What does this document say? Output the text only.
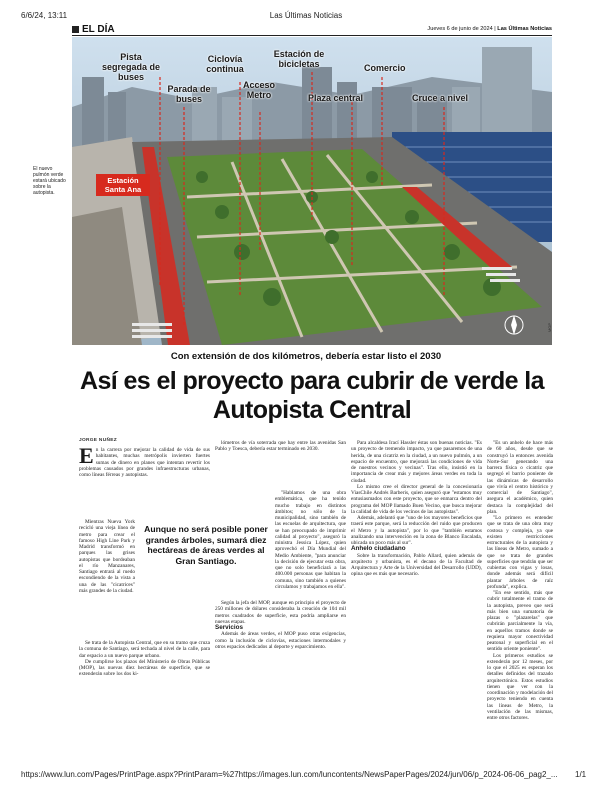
6/6/24, 13:11	Las Últimas Noticias
EL DÍA	Jueves 6 de junio de 2024 | Las Últimas Noticias
El nuevo pulmón verde estará ubicado sobre la autopista.
Pista segregada de buses
Ciclovía continua
Estación de bicicletas	Comercio
Parada de buses
Acceso Metro	Plaza central	Cruce a nivel
Estación Santa Ana
MOP
Con extensión de dos kilómetros, debería estar listo el 2030
Así es el proyecto para cubrir de verde la Autopista Central
JORGE NUÑEZ

En la carrera por mejorar la calidad de vida de sus habitantes, muchas metrópolis invierten fuertes sumas de dinero en planes que intentan revertir los problemas causados por grandes infraestructuras urbanas, como líneas férreas y autopistas.

Mientras Nueva York recicló una vieja línea de metro para crear el famoso High Line Park y Madrid transformó en parques las grises autopistas que bordeaban el río Manzanares, Santiago entrará al ruedo escondiendo de la vista a una de las "cicatrices" más grandes de la ciudad.

Se trata de la Autopista Central, que en su tramo que cruza la comuna de Santiago, será techada al nivel de la calle, para dar espacio a un nuevo parque urbano.

De cumplirse los plazos del Ministerio de Obras Públicas (MOP), las nuevas diez hectáreas de superficie, que se extenderán sobre los dos ki-

Aunque no será posible poner grandes árboles, sumará diez hectáreas de áreas verdes al Gran Santiago.

lómetros de vía soterrada que hay entre las avenidas San Pablo y Toesca, debería estar terminado en 2030.

"Hablamos de una obra emblemática, que ha tenido mucho trabajo en distintos ámbitos; no sólo de la municipalidad, sino también de las escuelas de arquitectura, que se han preocupado de imprimir calidad al proyecto", aseguró la ministra Jessica López, quien aprovechó el Día Mundial del Medio Ambiente, "para anunciar la decisión de ejecutar esta obra, que no solo beneficiará a las 400.000 personas que habitan la comuna, sino también a quienes circulamos y trabajamos en ella".

Según la jefa del MOP, aunque en principio el proyecto de 250 millones de dólares consideraba la creación de 104 mil metros cuadrados de superficie, esta podría ampliarse en nuevas etapas.

Servicios

Además de áreas verdes, el MOP puso otras exigencias, como la inclusión de ciclovías, estaciones intermodales y otros espacios dedicados al deporte y esparcimiento.

Para alcaldesa Irací Hassler éstas son buenas noticias. "Es un proyecto de tremendo impacto, ya que pasaremos de una herida, de una cicatriz en la ciudad, a un nuevo pulmón, a un espacio de encuentro, que mejorará las condiciones de vida de nuestros vecinos y vecinas". Tras ello, insistió en la importancia de crear más y mejores áreas verdes en toda la ciudad.

Lo mismo cree el director general de la concesionaria ViasChile Andrés Barberis, quien aseguró que "estamos muy entusiasmados con este proyecto, que se enmarca dentro del programa del MOP llamado Buen Vecino, que busca mejorar la calidad de vida de los vecinos de las autopistas".

Además, adelantó que "uno de los mayores beneficios que traerá este parque, será la reducción del ruido que producen el Metro y la autopista", por lo que "también estamos analizando una intervención en la zona de Blanco Encalada, ubicada un poco más al sur".

Anhelo ciudadano

Sobre la transformación, Pablo Allard, quien además de arquitecto y urbanista, es el decano de la Facultad de Arquitectura y Arte de la Universidad del Desarrollo (UDD), opina que es más que necesario.

"Es un anhelo de hace más de 60 años, desde que se construyó la entonces avenida Norte-Sur generando una barrera física o cicatriz que segregó el barrio poniente de las dinámicas de desarrollo que vivía el centro histórico y comercial de Santiago", asegura el académico, quien destaca la complejidad del plan.

"Lo primero es entender que se trata de una obra muy costosa y compleja, ya que existen restricciones estructurales de la autopista y las líneas de Metro, sumado a que se trata de grandes superficies que tendrán que ser cubiertas con vigas y losas, donde además será difícil plantar árboles de raíz profunda", explica.

"En ese sentido, más que cubrir totalmente el tramo de la autopista, preveo que será más bien una sumatoria de plazas o "plazarelas" que cubrirán parcialmente la vía, en aquellos tramos donde se requiera mayor conectividad peatonal y superficial en el sentido oriente poniente".

Los primeros estudios se extenderán por 12 meses, por lo que el 2025 es esperan los detalles definidos del trazado arquitectónico. Estos estudios tienen que ver con la coordinación y modelación del proyecto teniendo en cuenta las líneas de Metro, la ventilación de las mismas, entre otros factores.

https://www.lun.com/Pages/PrintPage.aspx?PrintParam=%27https://images.lun.com/luncontents/NewsPaperPages/2024/jun/06/p_2024-06-06_pag2_...	1/1
